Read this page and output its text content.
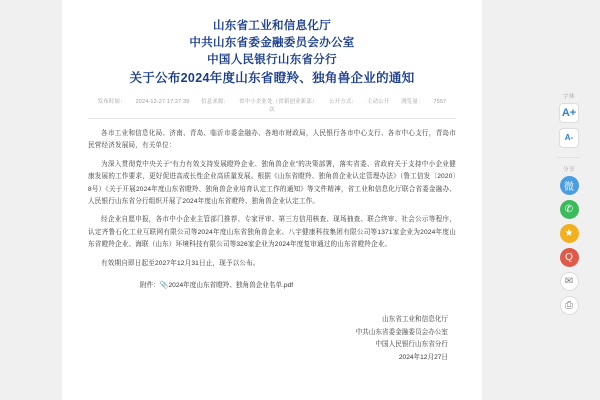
山东省工业和信息化厅
中共山东省委金融委员会办公室
中国人民银行山东省分行
关于公布2024年度山东省瞪羚、独角兽企业的通知
发布时间： 2024-12-27 17:27:39 信息来源： 省中小企业处（省新创业新部） 公开方式： 主动公开 浏览量： 7557次

各市工业和信息化局、济南、青岛、临沂市委金融办、各地市财政局，人民银行各市中心支行、各市中心支行，青岛市民营经济发展局，有关单位：

为深入贯彻党中央关于“有力有效支持发展瞪羚企业、独角兽企业”的决策部署，落实省委、省政府关于支持中小企业健康发展的工作要求，更好促进高成长性企业高质量发展。根据《山东省瞪羚、独角兽企业认定管理办法》（鲁工信发〔2020〕8号）《关于开展2024年度山东省瞪羚、独角兽企业培育认定工作的通知》等文件精神，省工业和信息化厅联合省委金融办、人民银行山东省分行组织开展了2024年度山东省瞪羚、独角兽企业认定工作。

经企业自愿申报，各市中小企业主管部门推荐、专家评审、第三方信用核查、现场抽查、联合终审、社会公示等程序，认定齐鲁石化工业互联网有限公司等2024年度山东省独角兽企业、八宇健康科技集团有限公司等1371家企业为2024年度山东省瞪羚企业、海联（山东）环境科技有限公司等326家企业为2024年度复审通过的山东省瞪羚企业。

有效期自即日起至2027年12月31日止，现予以公布。

附件：📎2024年度山东省瞪羚、独角兽企业名单.pdf
山东省工业和信息化厅
中共山东省委金融委员会办公室
中国人民银行山东省分行
2024年12月27日
字体
A+
A-
分享
微
✆
★
Q
✉
⎙
